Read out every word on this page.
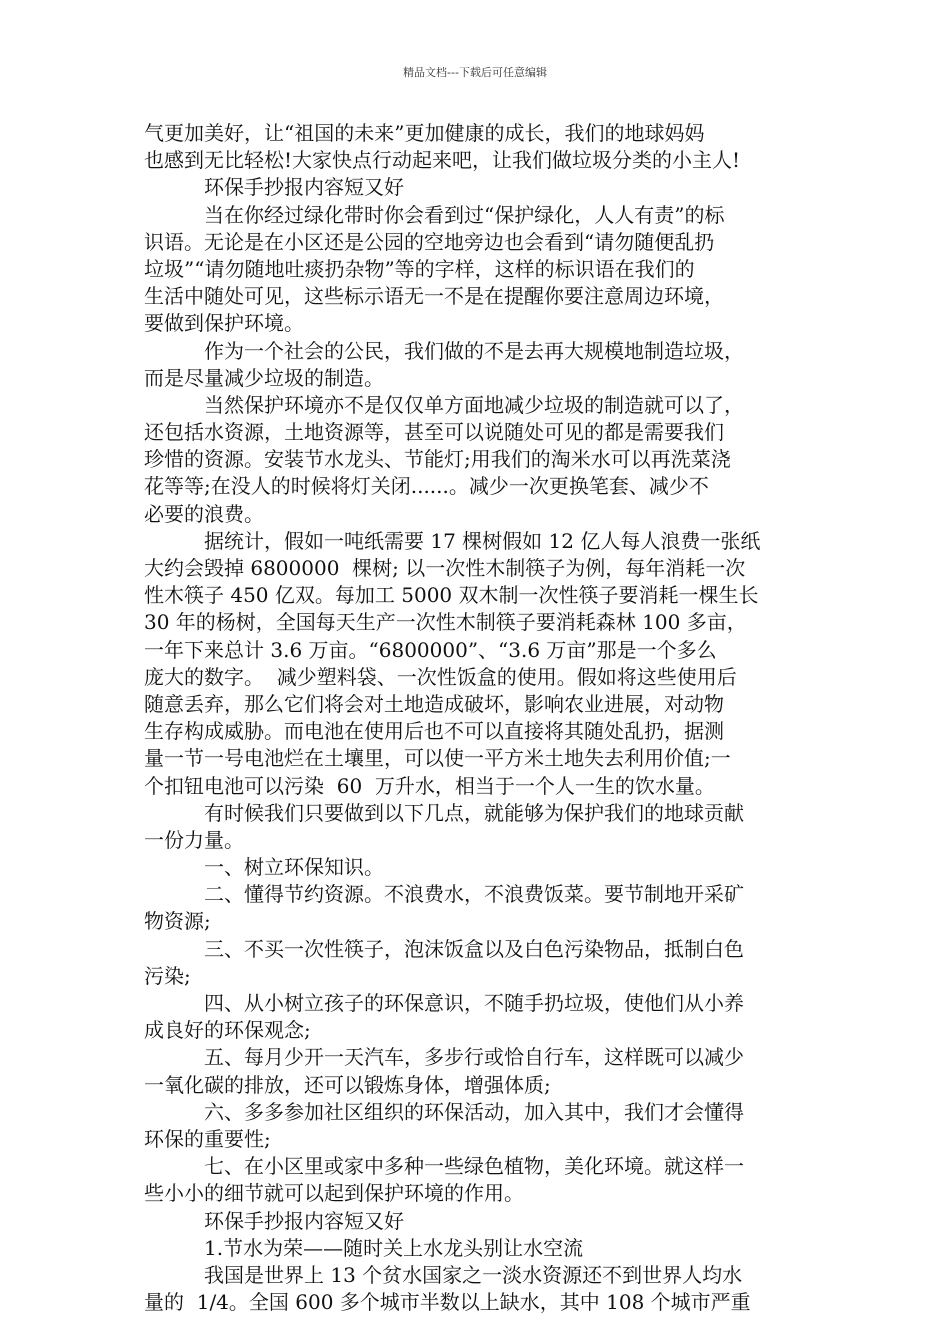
精品文档---下载后可任意编辑
气更加美好，让“祖国的未来”更加健康的成长，我们的地球妈妈
也感到无比轻松!大家快点行动起来吧，让我们做垃圾分类的小主人!
环保手抄报内容短又好
当在你经过绿化带时你会看到过“保护绿化，人人有责”的标
识语。无论是在小区还是公园的空地旁边也会看到“请勿随便乱扔
垃圾”“请勿随地吐痰扔杂物”等的字样，这样的标识语在我们的
生活中随处可见，这些标示语无一不是在提醒你要注意周边环境，
要做到保护环境。
作为一个社会的公民，我们做的不是去再大规模地制造垃圾，
而是尽量减少垃圾的制造。
当然保护环境亦不是仅仅单方面地减少垃圾的制造就可以了，
还包括水资源，土地资源等，甚至可以说随处可见的都是需要我们
珍惜的资源。安装节水龙头、节能灯;用我们的淘米水可以再洗菜浇
花等等;在没人的时候将灯关闭......。减少一次更换笔套、减少不
必要的浪费。
据统计，假如一吨纸需要 17 棵树假如 12 亿人每人浪费一张纸
大约会毁掉 6800000  棵树; 以一次性木制筷子为例，每年消耗一次
性木筷子 450 亿双。每加工 5000 双木制一次性筷子要消耗一棵生长
30 年的杨树，全国每天生产一次性木制筷子要消耗森林 100 多亩，
一年下来总计 3.6 万亩。“6800000”、“3.6 万亩”那是一个多么
庞大的数字。  减少塑料袋、一次性饭盒的使用。假如将这些使用后
随意丢弃，那么它们将会对土地造成破坏，影响农业进展，对动物
生存构成威胁。而电池在使用后也不可以直接将其随处乱扔，据测
量一节一号电池烂在土壤里，可以使一平方米土地失去利用价值;一
个扣钮电池可以污染  60  万升水，相当于一个人一生的饮水量。
有时候我们只要做到以下几点，就能够为保护我们的地球贡献
一份力量。
一、树立环保知识。
二、懂得节约资源。不浪费水，不浪费饭菜。要节制地开采矿
物资源;
三、不买一次性筷子，泡沫饭盒以及白色污染物品，抵制白色
污染;
四、从小树立孩子的环保意识，不随手扔垃圾，使他们从小养
成良好的环保观念;
五、每月少开一天汽车，多步行或恰自行车，这样既可以减少
一氧化碳的排放，还可以锻炼身体，增强体质;
六、多多参加社区组织的环保活动，加入其中，我们才会懂得
环保的重要性;
七、在小区里或家中多种一些绿色植物，美化环境。就这样一
些小小的细节就可以起到保护环境的作用。
环保手抄报内容短又好
1.节水为荣——随时关上水龙头别让水空流
我国是世界上 13 个贫水国家之一淡水资源还不到世界人均水
量的  1/4。全国 600 多个城市半数以上缺水，其中 108 个城市严重
